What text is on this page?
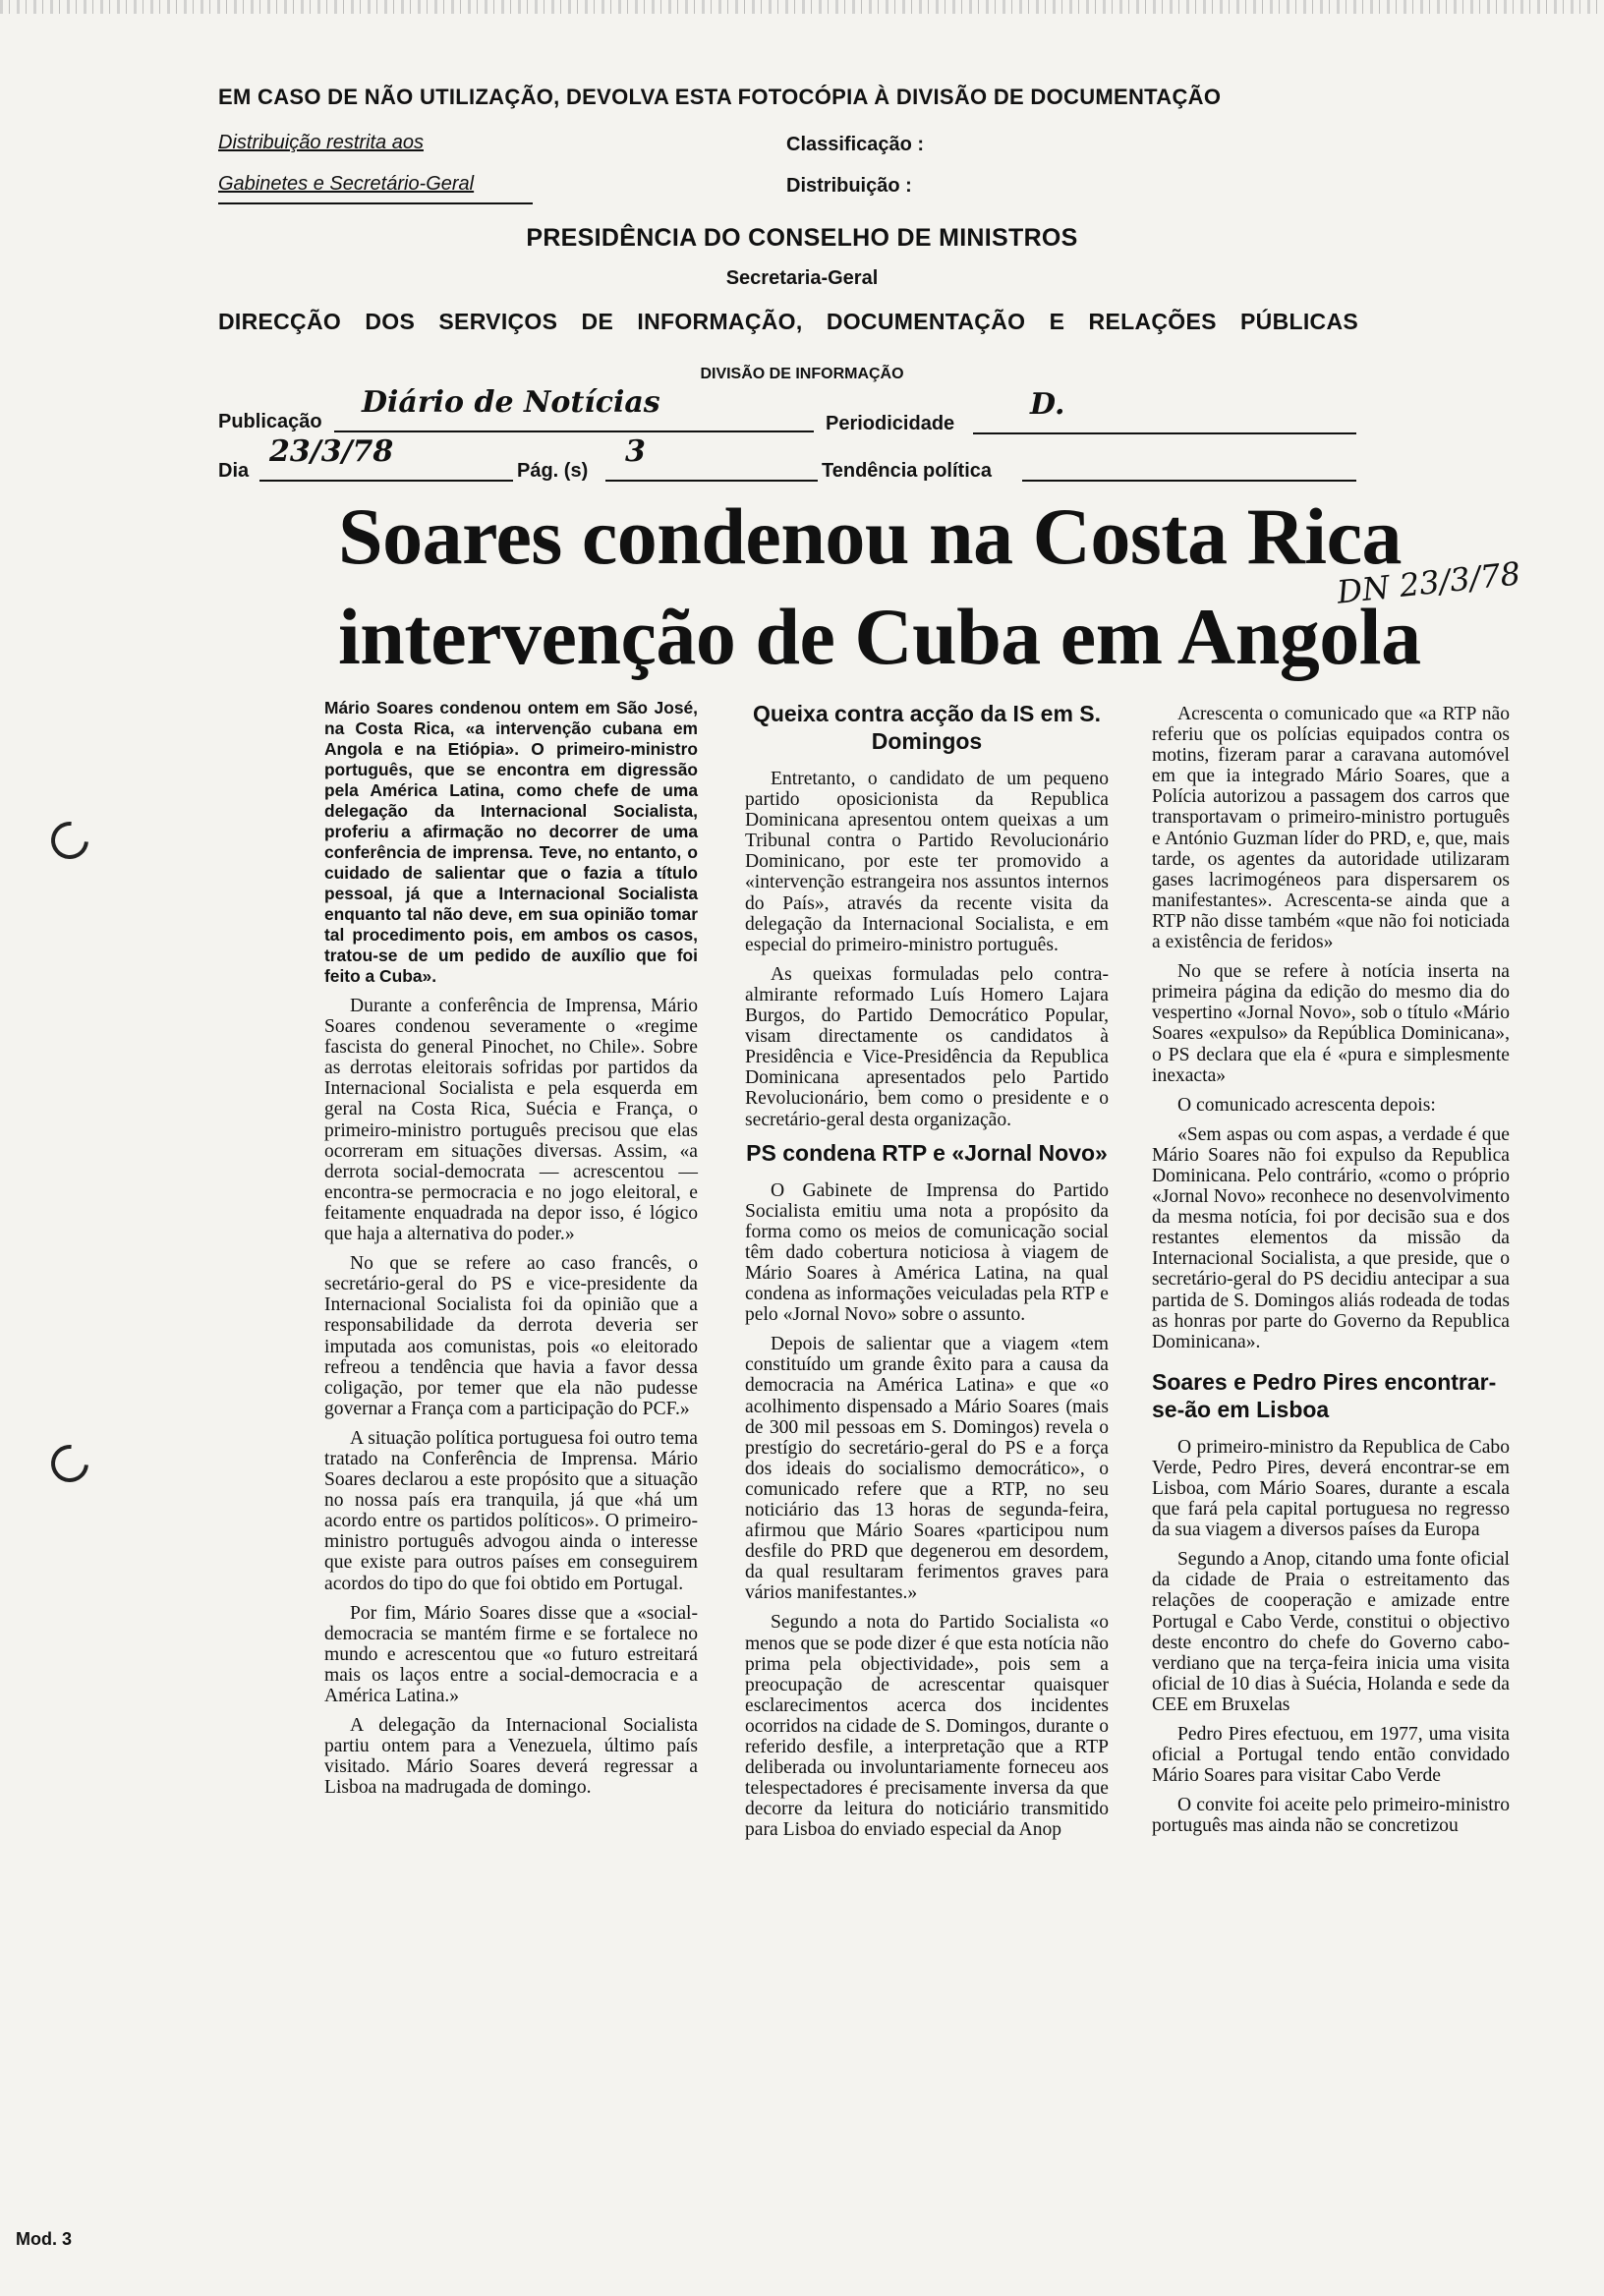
EM CASO DE NÃO UTILIZAÇÃO, DEVOLVA ESTA FOTOCÓPIA À DIVISÃO DE DOCUMENTAÇÃO
Distribuição restrita aos
Gabinetes e Secretário-Geral
Classificação :
Distribuição :
PRESIDÊNCIA DO CONSELHO DE MINISTROS
Secretaria-Geral
DIRECÇÃO DOS SERVIÇOS DE INFORMAÇÃO, DOCUMENTAÇÃO E RELAÇÕES PÚBLICAS
DIVISÃO DE INFORMAÇÃO
Publicação
Diário de Notícias
Periodicidade
D.
Dia
23/3/78
Pág. (s)
3
Tendência política
Soares condenou na Costa Rica
intervenção de Cuba em Angola
DN 23/3/78

Mário Soares condenou ontem em São José, na Costa Rica, «a intervenção cubana em Angola e na Etiópia». O primeiro-ministro português, que se encontra em digressão pela América Latina, como chefe de uma delegação da Internacional Socialista, proferiu a afirmação no decorrer de uma conferência de imprensa. Teve, no entanto, o cuidado de salientar que o fazia a título pessoal, já que a Internacional Socialista enquanto tal não deve, em sua opinião tomar tal procedimento pois, em ambos os casos, tratou-se de um pedido de auxílio que foi feito a Cuba».

Durante a conferência de Imprensa, Mário Soares condenou severamente o «regime fascista do general Pinochet, no Chile». Sobre as derrotas eleitorais sofridas por partidos da Internacional Socialista e pela esquerda em geral na Costa Rica, Suécia e França, o primeiro-ministro português precisou que elas ocorreram em situações diversas. Assim, «a derrota social-democrata — acrescentou — encontra-se permocracia e no jogo eleitoral, e feitamente enquadrada na depor isso, é lógico que haja a alternativa do poder.»

No que se refere ao caso francês, o secretário-geral do PS e vice-presidente da Internacional Socialista foi da opinião que a responsabilidade da derrota deveria ser imputada aos comunistas, pois «o eleitorado refreou a tendência que havia a favor dessa coligação, por temer que ela não pudesse governar a França com a participação do PCF.»

A situação política portuguesa foi outro tema tratado na Conferência de Imprensa. Mário Soares declarou a este propósito que a situação no nossa país era tranquila, já que «há um acordo entre os partidos políticos». O primeiro-ministro português advogou ainda o interesse que existe para outros países em conseguirem acordos do tipo do que foi obtido em Portugal.

Por fim, Mário Soares disse que a «social-democracia se mantém firme e se fortalece no mundo e acrescentou que «o futuro estreitará mais os laços entre a social-democracia e a América Latina.»

A delegação da Internacional Socialista partiu ontem para a Venezuela, último país visitado. Mário Soares deverá regressar a Lisboa na madrugada de domingo.

Queixa contra acção da IS em S. Domingos

Entretanto, o candidato de um pequeno partido oposicionista da Republica Dominicana apresentou ontem queixas a um Tribunal contra o Partido Revolucionário Dominicano, por este ter promovido a «intervenção estrangeira nos assuntos internos do País», através da recente visita da delegação da Internacional Socialista, e em especial do primeiro-ministro português.

As queixas formuladas pelo contra-almirante reformado Luís Homero Lajara Burgos, do Partido Democrático Popular, visam directamente os candidatos à Presidência e Vice-Presidência da Republica Dominicana apresentados pelo Partido Revolucionário, bem como o presidente e o secretário-geral desta organização.

PS condena RTP e «Jornal Novo»

O Gabinete de Imprensa do Partido Socialista emitiu uma nota a propósito da forma como os meios de comunicação social têm dado cobertura noticiosa à viagem de Mário Soares à América Latina, na qual condena as informações veiculadas pela RTP e pelo «Jornal Novo» sobre o assunto.

Depois de salientar que a viagem «tem constituído um grande êxito para a causa da democracia na América Latina» e que «o acolhimento dispensado a Mário Soares (mais de 300 mil pessoas em S. Domingos) revela o prestígio do secretário-geral do PS e a força dos ideais do socialismo democrático», o comunicado refere que a RTP, no seu noticiário das 13 horas de segunda-feira, afirmou que Mário Soares «participou num desfile do PRD que degenerou em desordem, da qual resultaram ferimentos graves para vários manifestantes.»

Segundo a nota do Partido Socialista «o menos que se pode dizer é que esta notícia não prima pela objectividade», pois sem a preocupação de acrescentar quaisquer esclarecimentos acerca dos incidentes ocorridos na cidade de S. Domingos, durante o referido desfile, a interpretação que a RTP deliberada ou involuntariamente forneceu aos telespectadores é precisamente inversa da que decorre da leitura do noticiário transmitido para Lisboa do enviado especial da Anop

Acrescenta o comunicado que «a RTP não referiu que os polícias equipados contra os motins, fizeram parar a caravana automóvel em que ia integrado Mário Soares, que a Polícia autorizou a passagem dos carros que transportavam o primeiro-ministro português e António Guzman líder do PRD, e, que, mais tarde, os agentes da autoridade utilizaram gases lacrimogéneos para dispersarem os manifestantes». Acrescenta-se ainda que a RTP não disse também «que não foi noticiada a existência de feridos»

No que se refere à notícia inserta na primeira página da edição do mesmo dia do vespertino «Jornal Novo», sob o título «Mário Soares «expulso» da República Dominicana», o PS declara que ela é «pura e simplesmente inexacta»

O comunicado acrescenta depois:

«Sem aspas ou com aspas, a verdade é que Mário Soares não foi expulso da Republica Dominicana. Pelo contrário, «como o próprio «Jornal Novo» reconhece no desenvolvimento da mesma notícia, foi por decisão sua e dos restantes elementos da missão da Internacional Socialista, a que preside, que o secretário-geral do PS decidiu antecipar a sua partida de S. Domingos aliás rodeada de todas as honras por parte do Governo da Republica Dominicana».

Soares e Pedro Pires encontrar-se-ão em Lisboa

O primeiro-ministro da Republica de Cabo Verde, Pedro Pires, deverá encontrar-se em Lisboa, com Mário Soares, durante a escala que fará pela capital portuguesa no regresso da sua viagem a diversos países da Europa

Segundo a Anop, citando uma fonte oficial da cidade de Praia o estreitamento das relações de cooperação e amizade entre Portugal e Cabo Verde, constitui o objectivo deste encontro do chefe do Governo cabo-verdiano que na terça-feira inicia uma visita oficial de 10 dias à Suécia, Holanda e sede da CEE em Bruxelas

Pedro Pires efectuou, em 1977, uma visita oficial a Portugal tendo então convidado Mário Soares para visitar Cabo Verde

O convite foi aceite pelo primeiro-ministro português mas ainda não se concretizou

Mod. 3
